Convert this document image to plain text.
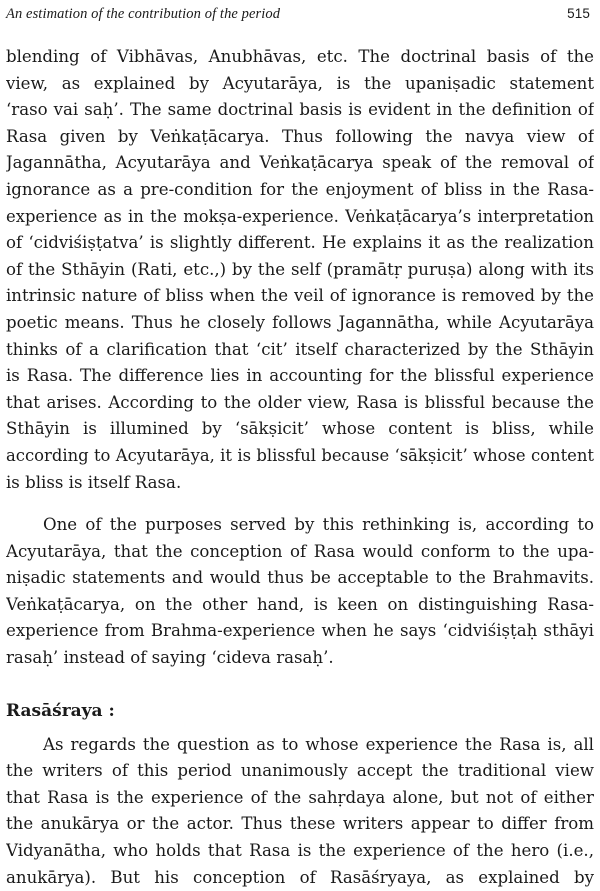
An estimation of the contribution of the period	515
blending of Vibhāvas, Anubhāvas, etc. The doctrinal basis of the
view, as explained by Acyutarāya, is the upaniṣadic statement
‘raso vai saḥ’. The same doctrinal basis is evident in the definition of
Rasa given by Veṅkaṭācarya. Thus following the navya view of
Jagannātha, Acyutarāya and Veṅkaṭācarya speak of the removal of
ignorance as a pre-condition for the enjoyment of bliss in the Rasa-
experience as in the mokṣa-experience. Veṅkaṭācarya’s interpretation
of ‘cidviśiṣṭatva’ is slightly different. He explains it as the realization
of the Sthāyin (Rati, etc.,) by the self (pramātṛ puruṣa) along with its
intrinsic nature of bliss when the veil of ignorance is removed by the
poetic means. Thus he closely follows Jagannātha, while Acyutarāya
thinks of a clarification that ‘cit’ itself characterized by the Sthāyin
is Rasa. The difference lies in accounting for the blissful experience
that arises. According to the older view, Rasa is blissful because the
Sthāyin is illumined by ‘sākṣicit’ whose content is bliss, while
according to Acyutarāya, it is blissful because ‘sākṣicit’ whose content
is bliss is itself Rasa.
One of the purposes served by this rethinking is, according to
Acyutarāya, that the conception of Rasa would conform to the upa-
niṣadic statements and would thus be acceptable to the Brahmavits.
Veṅkaṭācarya, on the other hand, is keen on distinguishing Rasa-
experience from Brahma-experience when he says ‘cidviśiṣṭaḥ sthāyi
rasaḥ’ instead of saying ‘cideva rasaḥ’.
Rasāśraya :
As regards the question as to whose experience the Rasa is, all
the writers of this period unanimously accept the traditional view
that Rasa is the experience of the sahṛdaya alone, but not of either
the anukārya or the actor. Thus these writers appear to differ from
Vidyanātha, who holds that Rasa is the experience of the hero (i.e.,
anukārya). But his conception of Rasāśryaya, as explained by
